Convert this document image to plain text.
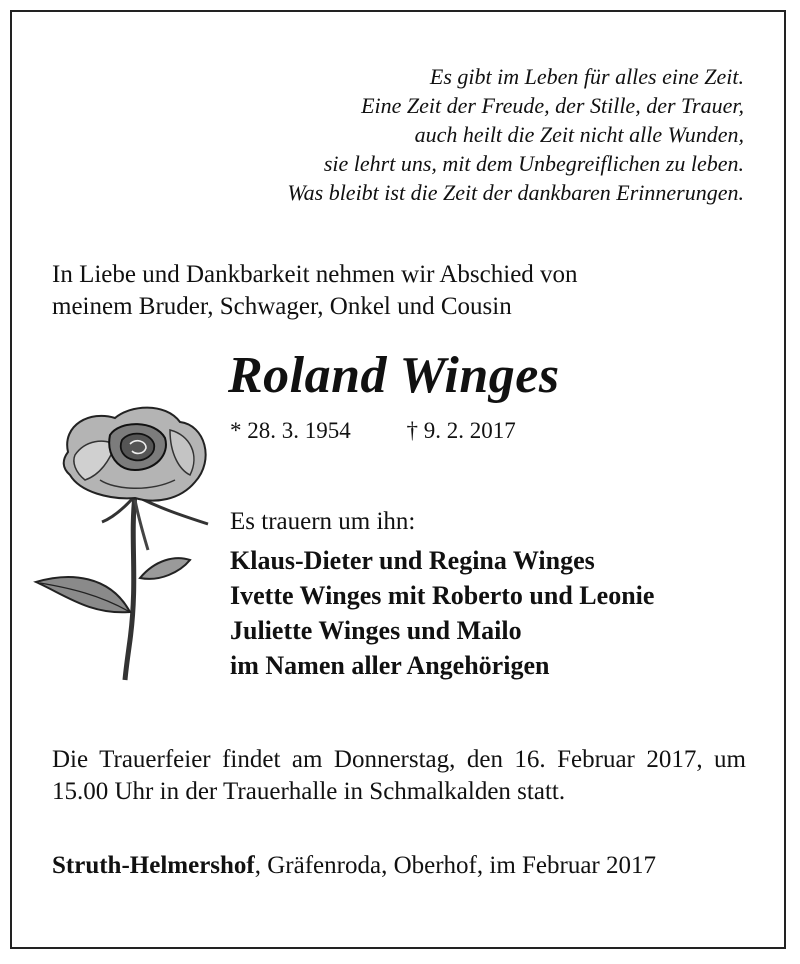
Es gibt im Leben für alles eine Zeit.
Eine Zeit der Freude, der Stille, der Trauer,
auch heilt die Zeit nicht alle Wunden,
sie lehrt uns, mit dem Unbegreiflichen zu leben.
Was bleibt ist die Zeit der dankbaren Erinnerungen.
In Liebe und Dankbarkeit nehmen wir Abschied von
meinem Bruder, Schwager, Onkel und Cousin
Roland Winges
* 28. 3. 1954 † 9. 2. 2017
Es trauern um ihn:
Klaus-Dieter und Regina Winges
Ivette Winges mit Roberto und Leonie
Juliette Winges und Mailo
im Namen aller Angehörigen
Die Trauerfeier findet am Donnerstag, den 16. Februar 2017, um 15.00 Uhr in der Trauerhalle in Schmalkalden statt.
Struth-Helmershof, Gräfenroda, Oberhof, im Februar 2017
